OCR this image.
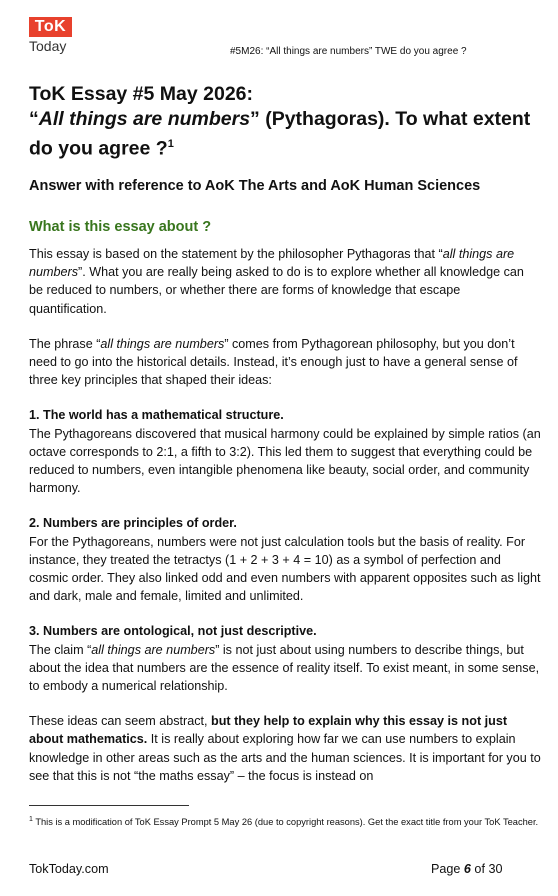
ToK
Today	#5M26: “All things are numbers” TWE do you agree ?
ToK Essay #5 May 2026:
“All things are numbers” (Pythagoras). To what extent do you agree ?$^1$
Answer with reference to AoK The Arts and AoK Human Sciences
What is this essay about ?

This essay is based on the statement by the philosopher Pythagoras that “all things are numbers”. What you are really being asked to do is to explore whether all knowledge can be reduced to numbers, or whether there are forms of knowledge that escape quantification.

The phrase “all things are numbers” comes from Pythagorean philosophy, but you don’t need to go into the historical details. Instead, it’s enough just to have a general sense of three key principles that shaped their ideas:

1. The world has a mathematical structure.

The Pythagoreans discovered that musical harmony could be explained by simple ratios (an octave corresponds to 2:1, a fifth to 3:2). This led them to suggest that everything could be reduced to numbers, even intangible phenomena like beauty, social order, and community harmony.

2. Numbers are principles of order.

For the Pythagoreans, numbers were not just calculation tools but the basis of reality. For instance, they treated the tetractys (1 + 2 + 3 + 4 = 10) as a symbol of perfection and cosmic order. They also linked odd and even numbers with apparent opposites such as light and dark, male and female, limited and unlimited.

3. Numbers are ontological, not just descriptive.

The claim “all things are numbers” is not just about using numbers to describe things, but about the idea that numbers are the essence of reality itself. To exist meant, in some sense, to embody a numerical relationship.

These ideas can seem abstract, but they help to explain why this essay is not just about mathematics. It is really about exploring how far we can use numbers to explain knowledge in other areas such as the arts and the human sciences. It is important for you to see that this is not “the maths essay” – the focus is instead on

$^1$ This is a modification of ToK Essay Prompt 5 May 26 (due to copyright reasons). Get the exact title from your ToK Teacher.
TokToday.com	Page 6 of 30
